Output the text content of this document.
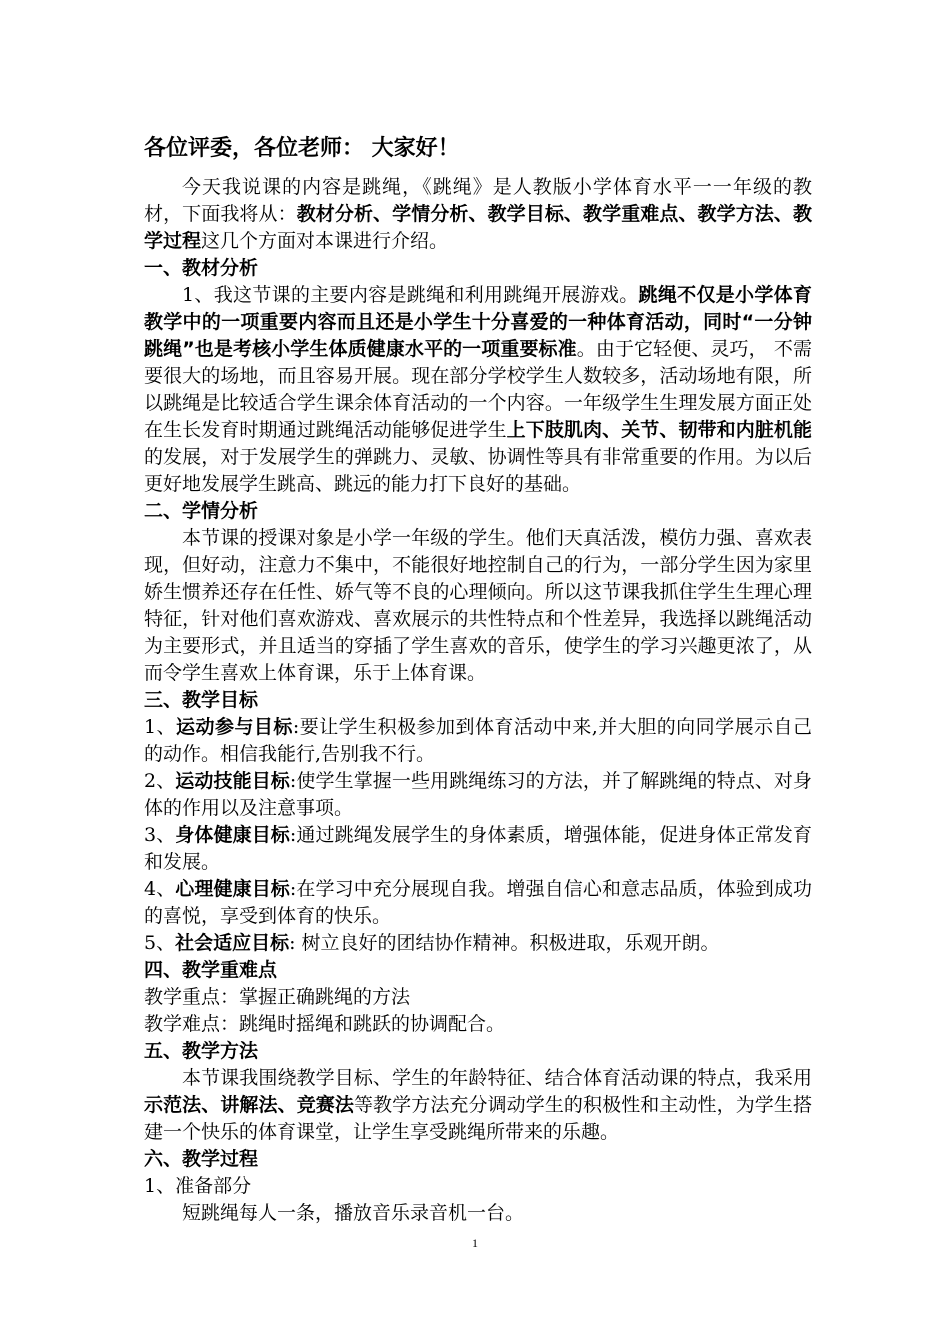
各位评委，各位老师： 大家好！

今天我说课的内容是跳绳，《跳绳》是人教版小学体育水平一一年级的教材，下面我将从：教材分析、学情分析、教学目标、教学重难点、教学方法、教学过程这几个方面对本课进行介绍。

一、教材分析

1、我这节课的主要内容是跳绳和利用跳绳开展游戏。跳绳不仅是小学体育教学中的一项重要内容而且还是小学生十分喜爱的一种体育活动，同时“一分钟跳绳”也是考核小学生体质健康水平的一项重要标准。由于它轻便、灵巧， 不需要很大的场地，而且容易开展。现在部分学校学生人数较多，活动场地有限，所以跳绳是比较适合学生课余体育活动的一个内容。一年级学生生理发展方面正处在生长发育时期通过跳绳活动能够促进学生上下肢肌肉、关节、韧带和内脏机能的发展，对于发展学生的弹跳力、灵敏、协调性等具有非常重要的作用。为以后更好地发展学生跳高、跳远的能力打下良好的基础。

二、学情分析

本节课的授课对象是小学一年级的学生。他们天真活泼，模仿力强、喜欢表现，但好动，注意力不集中，不能很好地控制自己的行为，一部分学生因为家里娇生惯养还存在任性、娇气等不良的心理倾向。所以这节课我抓住学生生理心理特征，针对他们喜欢游戏、喜欢展示的共性特点和个性差异，我选择以跳绳活动为主要形式，并且适当的穿插了学生喜欢的音乐，使学生的学习兴趣更浓了，从而令学生喜欢上体育课，乐于上体育课。

三、教学目标

1、运动参与目标:要让学生积极参加到体育活动中来,并大胆的向同学展示自己的动作。相信我能行,告别我不行。

2、运动技能目标:使学生掌握一些用跳绳练习的方法，并了解跳绳的特点、对身体的作用以及注意事项。

3、身体健康目标:通过跳绳发展学生的身体素质，增强体能，促进身体正常发育和发展。

4、心理健康目标:在学习中充分展现自我。增强自信心和意志品质，体验到成功的喜悦，享受到体育的快乐。

5、社会适应目标: 树立良好的团结协作精神。积极进取，乐观开朗。

四、教学重难点

教学重点：掌握正确跳绳的方法

教学难点：跳绳时摇绳和跳跃的协调配合。

五、教学方法

本节课我围绕教学目标、学生的年龄特征、结合体育活动课的特点，我采用示范法、讲解法、竞赛法等教学方法充分调动学生的积极性和主动性，为学生搭建一个快乐的体育课堂，让学生享受跳绳所带来的乐趣。

六、教学过程

1、准备部分

短跳绳每人一条，播放音乐录音机一台。

1
